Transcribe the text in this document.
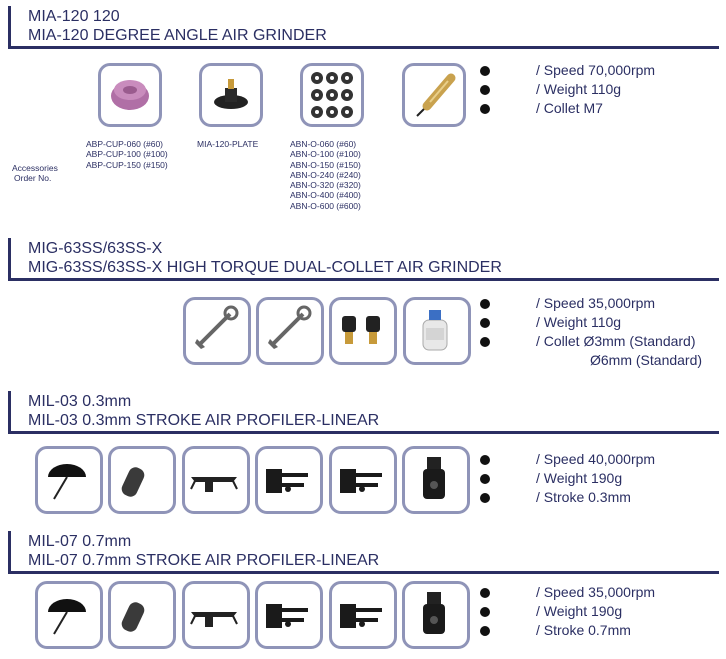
MIA-120 120
MIA-120 DEGREE ANGLE AIR GRINDER
Accessories
Order No.
ABP-CUP-060 (#60)
ABP-CUP-100 (#100)
ABP-CUP-150 (#150)
MIA-120-PLATE	ABN-O-060 (#60)
ABN-O-100 (#100)
ABN-O-150 (#150)
ABN-O-240 (#240)
ABN-O-320 (#320)
ABN-O-400 (#400)
ABN-O-600 (#600)
/ Speed 70,000rpm
/ Weight 110g
/ Collet M7
MIG-63SS/63SS-X
MIG-63SS/63SS-X HIGH TORQUE DUAL-COLLET AIR GRINDER
/ Speed 35,000rpm
/ Weight 110g
/ Collet Ø3mm (Standard)
Ø6mm (Standard)
MIL-03 0.3mm
MIL-03 0.3mm STROKE AIR PROFILER-LINEAR
/ Speed 40,000rpm
/ Weight 190g
/ Stroke 0.3mm
MIL-07 0.7mm
MIL-07 0.7mm STROKE AIR PROFILER-LINEAR
/ Speed 35,000rpm
/ Weight 190g
/ Stroke 0.7mm
